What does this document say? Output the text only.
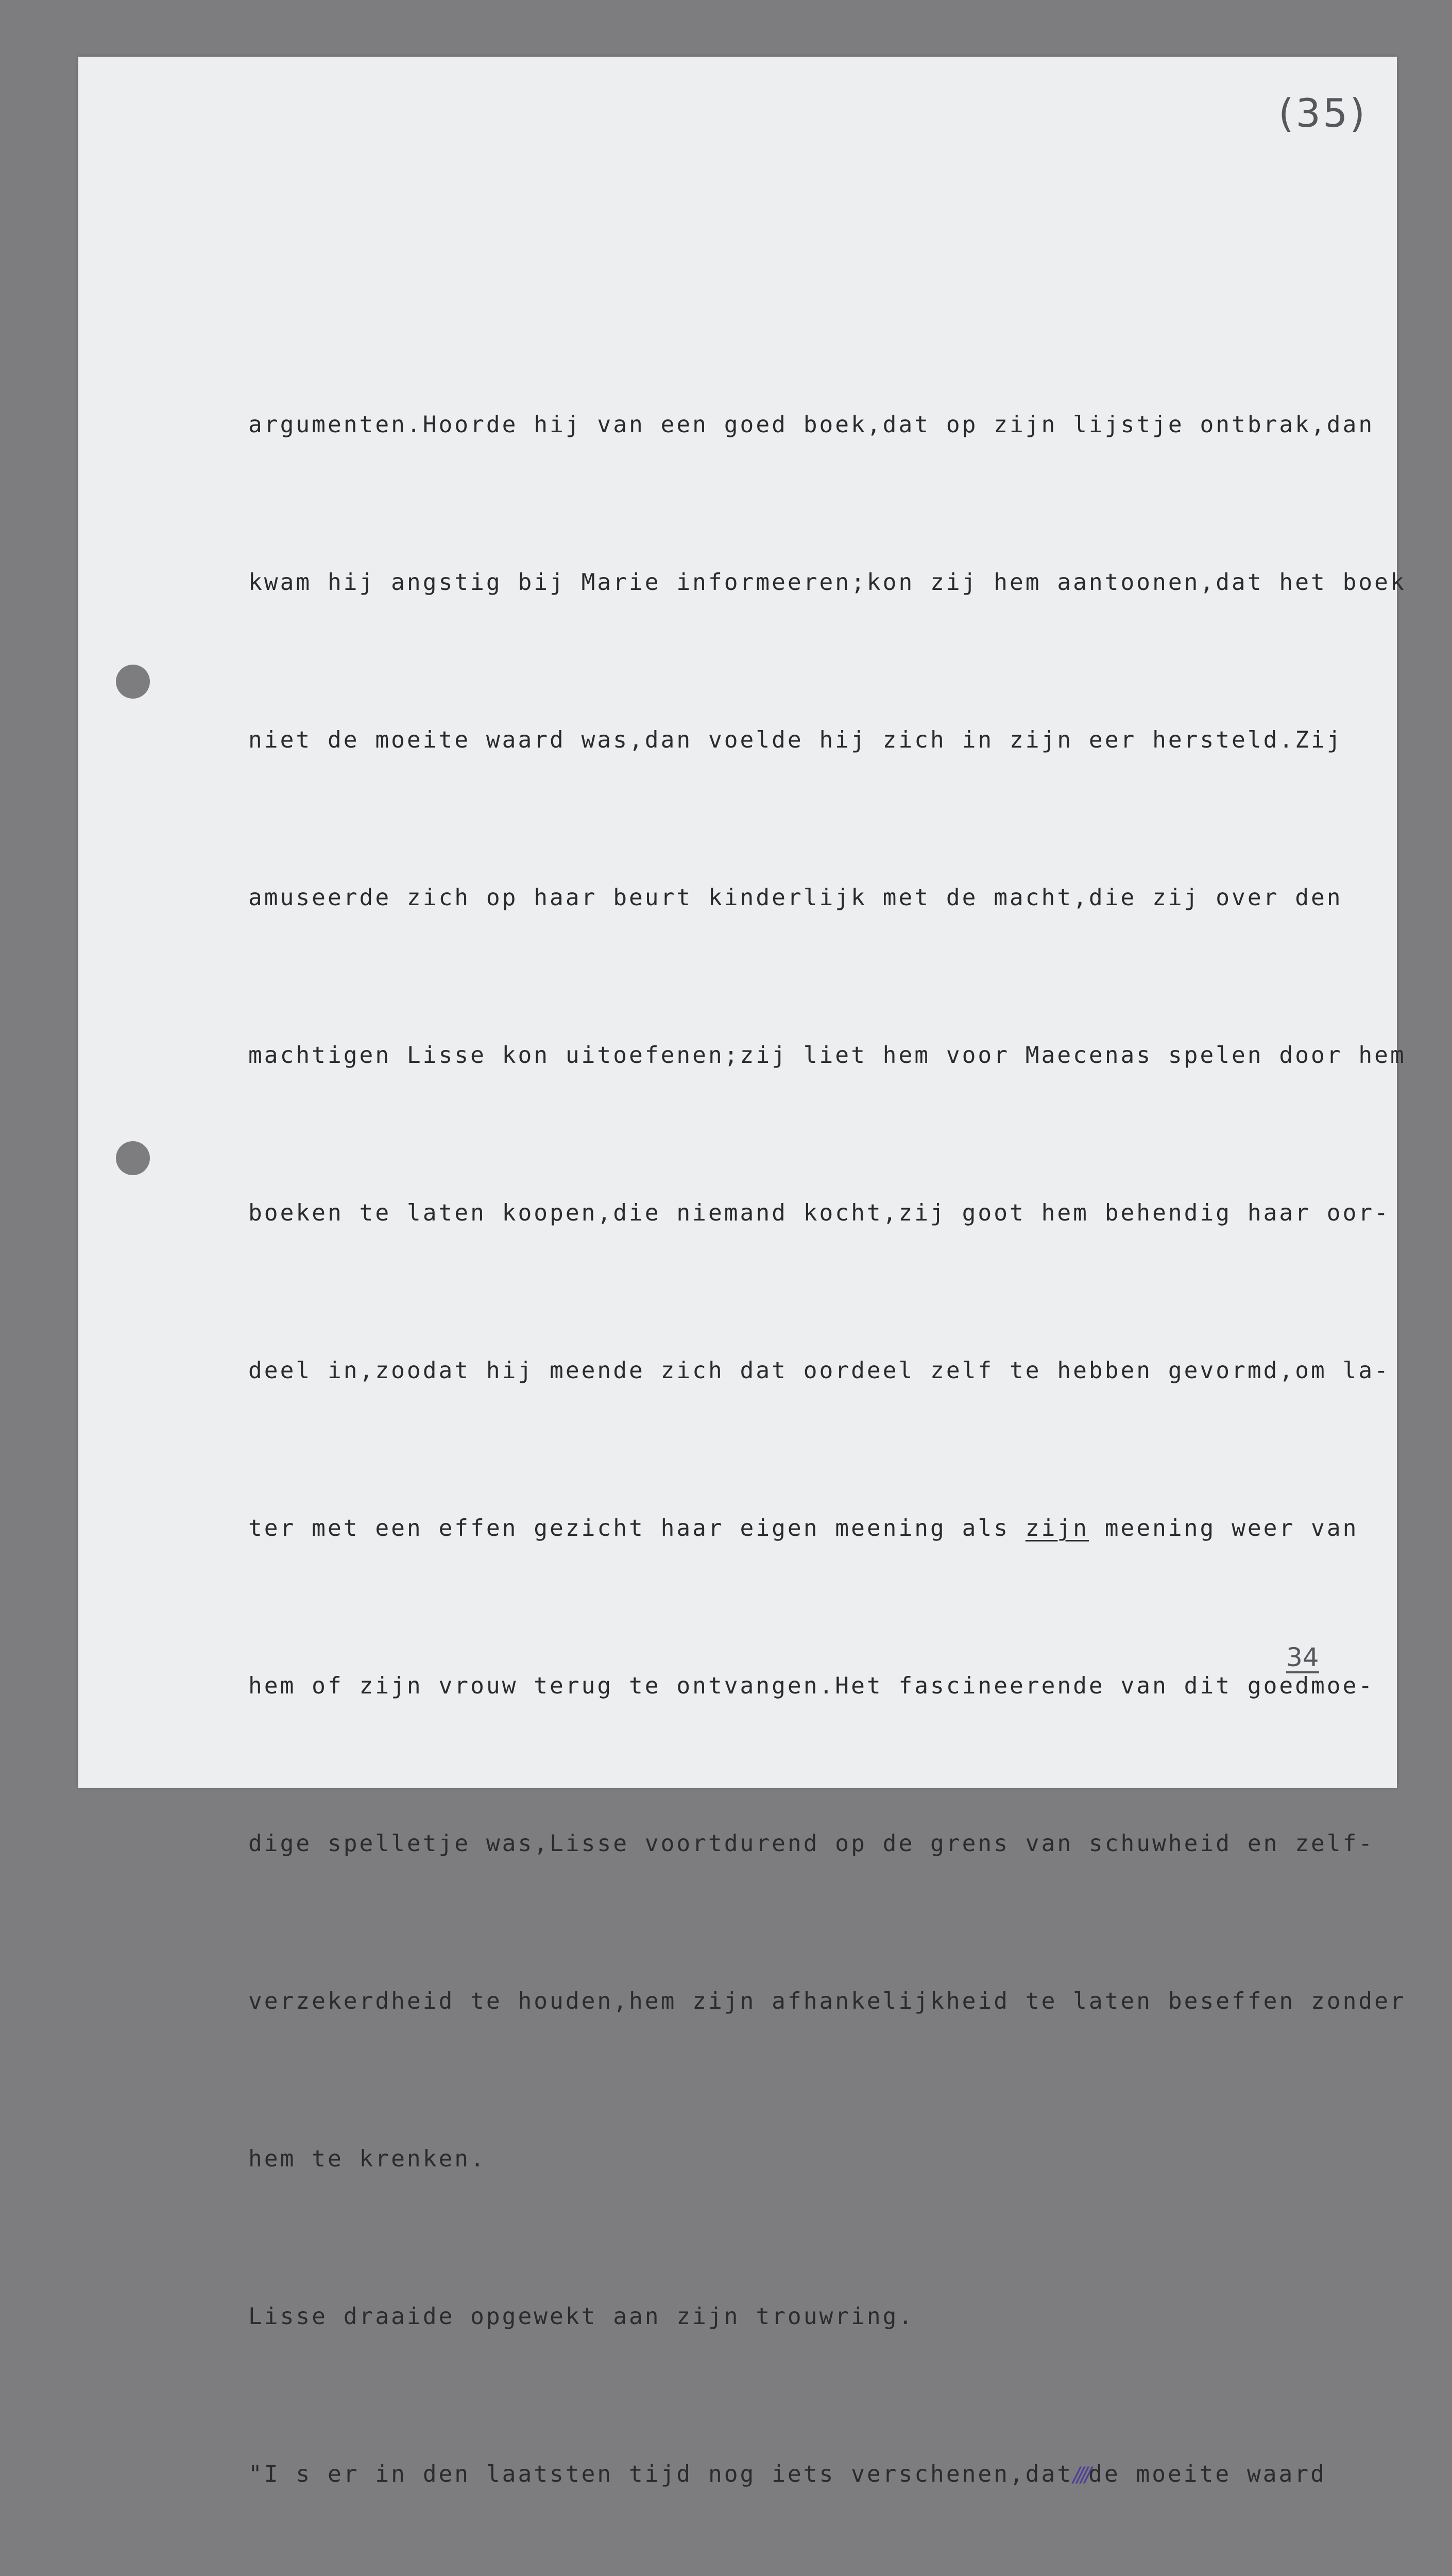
(35)

argumenten.Hoorde hij van een goed boek,dat op zijn lijstje ontbrak,dan

kwam hij angstig bij Marie informeeren;kon zij hem aantoonen,dat het boek

niet de moeite waard was,dan voelde hij zich in zijn eer hersteld.Zij

amuseerde zich op haar beurt kinderlijk met de macht,die zij over den

machtigen Lisse kon uitoefenen;zij liet hem voor Maecenas spelen door hem

boeken te laten koopen,die niemand kocht,zij goot hem behendig haar oor-

deel in,zoodat hij meende zich dat oordeel zelf te hebben gevormd,om la-

ter met een effen gezicht haar eigen meening als zijn meening weer van

hem of zijn vrouw terug te ontvangen.Het fascineerende van dit goedmoe-

dige spelletje was,Lisse voortdurend op de grens van schuwheid en zelf-

verzekerdheid te houden,hem zijn afhankelijkheid te laten beseffen zonder

hem te krenken.

Lisse draaide opgewekt aan zijn trouwring.

"I s er in den laatsten tijd nog iets verschenen,dat////de moeite waard

34
